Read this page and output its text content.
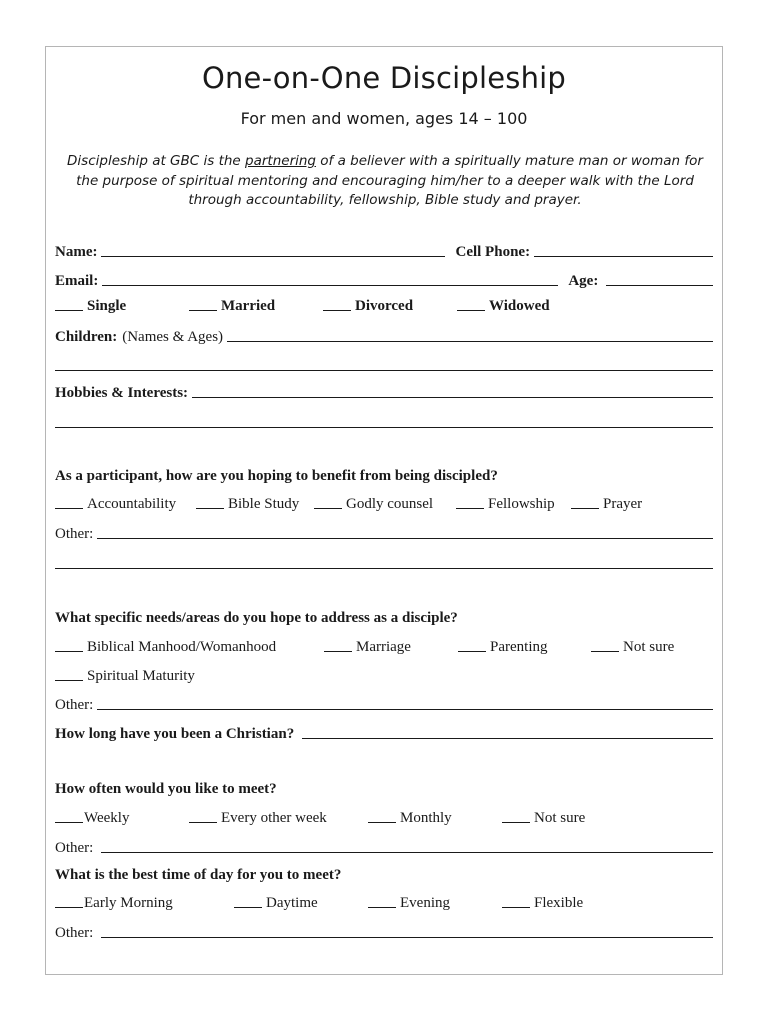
One-on-One Discipleship
For men and women, ages 14 – 100
Discipleship at GBC is the partnering of a believer with a spiritually mature man or woman for the purpose of spiritual mentoring and encouraging him/her to a deeper walk with the Lord through accountability, fellowship, Bible study and prayer.
Name:	Cell Phone:
Email:	Age:
Single	Married	Divorced	Widowed
Children: (Names & Ages)
Hobbies & Interests:
As a participant, how are you hoping to benefit from being discipled?
Accountability	Bible Study	Godly counsel	Fellowship	Prayer
Other:
What specific needs/areas do you hope to address as a disciple?
Biblical Manhood/Womanhood	Marriage	Parenting	Not sure
Spiritual Maturity
Other:
How long have you been a Christian?
How often would you like to meet?
Weekly	Every other week	Monthly	Not sure
Other:
What is the best time of day for you to meet?
Early Morning	Daytime	Evening	Flexible
Other:
